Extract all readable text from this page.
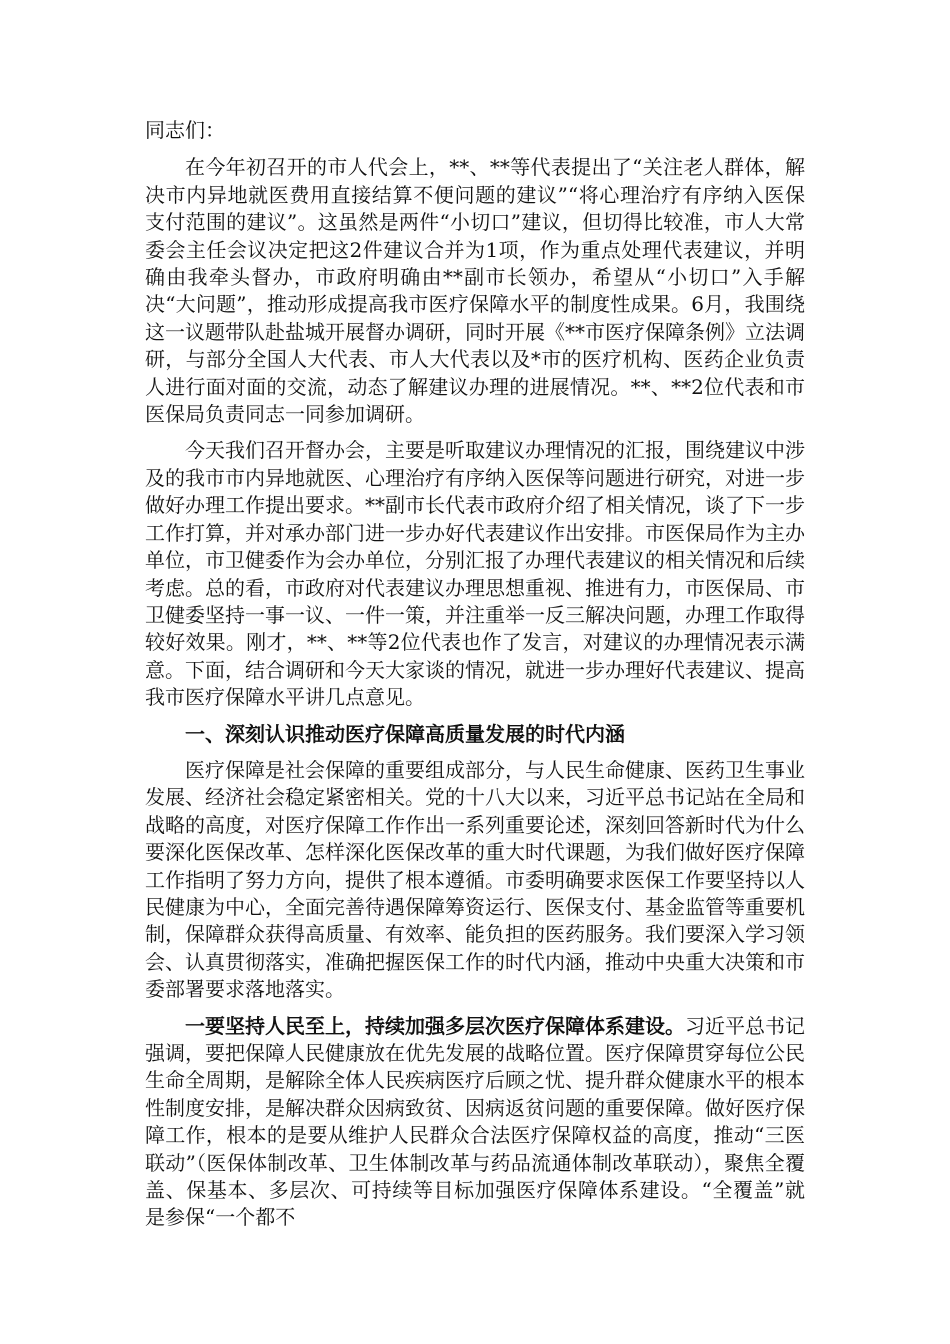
同志们：

在今年初召开的市人代会上，**、**等代表提出了“关注老人群体，解决市内异地就医费用直接结算不便问题的建议”“将心理治疗有序纳入医保支付范围的建议”。这虽然是两件“小切口”建议，但切得比较准，市人大常委会主任会议决定把这2件建议合并为1项，作为重点处理代表建议，并明确由我牵头督办，市政府明确由**副市长领办，希望从“小切口”入手解决“大问题”，推动形成提高我市医疗保障水平的制度性成果。6月，我围绕这一议题带队赴盐城开展督办调研，同时开展《**市医疗保障条例》立法调研，与部分全国人大代表、市人大代表以及*市的医疗机构、医药企业负责人进行面对面的交流，动态了解建议办理的进展情况。**、**2位代表和市医保局负责同志一同参加调研。

今天我们召开督办会，主要是听取建议办理情况的汇报，围绕建议中涉及的我市市内异地就医、心理治疗有序纳入医保等问题进行研究，对进一步做好办理工作提出要求。**副市长代表市政府介绍了相关情况，谈了下一步工作打算，并对承办部门进一步办好代表建议作出安排。市医保局作为主办单位，市卫健委作为会办单位，分别汇报了办理代表建议的相关情况和后续考虑。总的看，市政府对代表建议办理思想重视、推进有力，市医保局、市卫健委坚持一事一议、一件一策，并注重举一反三解决问题，办理工作取得较好效果。刚才，**、**等2位代表也作了发言，对建议的办理情况表示满意。下面，结合调研和今天大家谈的情况，就进一步办理好代表建议、提高我市医疗保障水平讲几点意见。

一、深刻认识推动医疗保障高质量发展的时代内涵

医疗保障是社会保障的重要组成部分，与人民生命健康、医药卫生事业发展、经济社会稳定紧密相关。党的十八大以来，习近平总书记站在全局和战略的高度，对医疗保障工作作出一系列重要论述，深刻回答新时代为什么要深化医保改革、怎样深化医保改革的重大时代课题，为我们做好医疗保障工作指明了努力方向，提供了根本遵循。市委明确要求医保工作要坚持以人民健康为中心，全面完善待遇保障筹资运行、医保支付、基金监管等重要机制，保障群众获得高质量、有效率、能负担的医药服务。我们要深入学习领会、认真贯彻落实，准确把握医保工作的时代内涵，推动中央重大决策和市委部署要求落地落实。

一要坚持人民至上，持续加强多层次医疗保障体系建设。习近平总书记强调，要把保障人民健康放在优先发展的战略位置。医疗保障贯穿每位公民生命全周期，是解除全体人民疾病医疗后顾之忧、提升群众健康水平的根本性制度安排，是解决群众因病致贫、因病返贫问题的重要保障。做好医疗保障工作，根本的是要从维护人民群众合法医疗保障权益的高度，推动“三医联动”（医保体制改革、卫生体制改革与药品流通体制改革联动），聚焦全覆盖、保基本、多层次、可持续等目标加强医疗保障体系建设。“全覆盖”就是参保“一个都不
